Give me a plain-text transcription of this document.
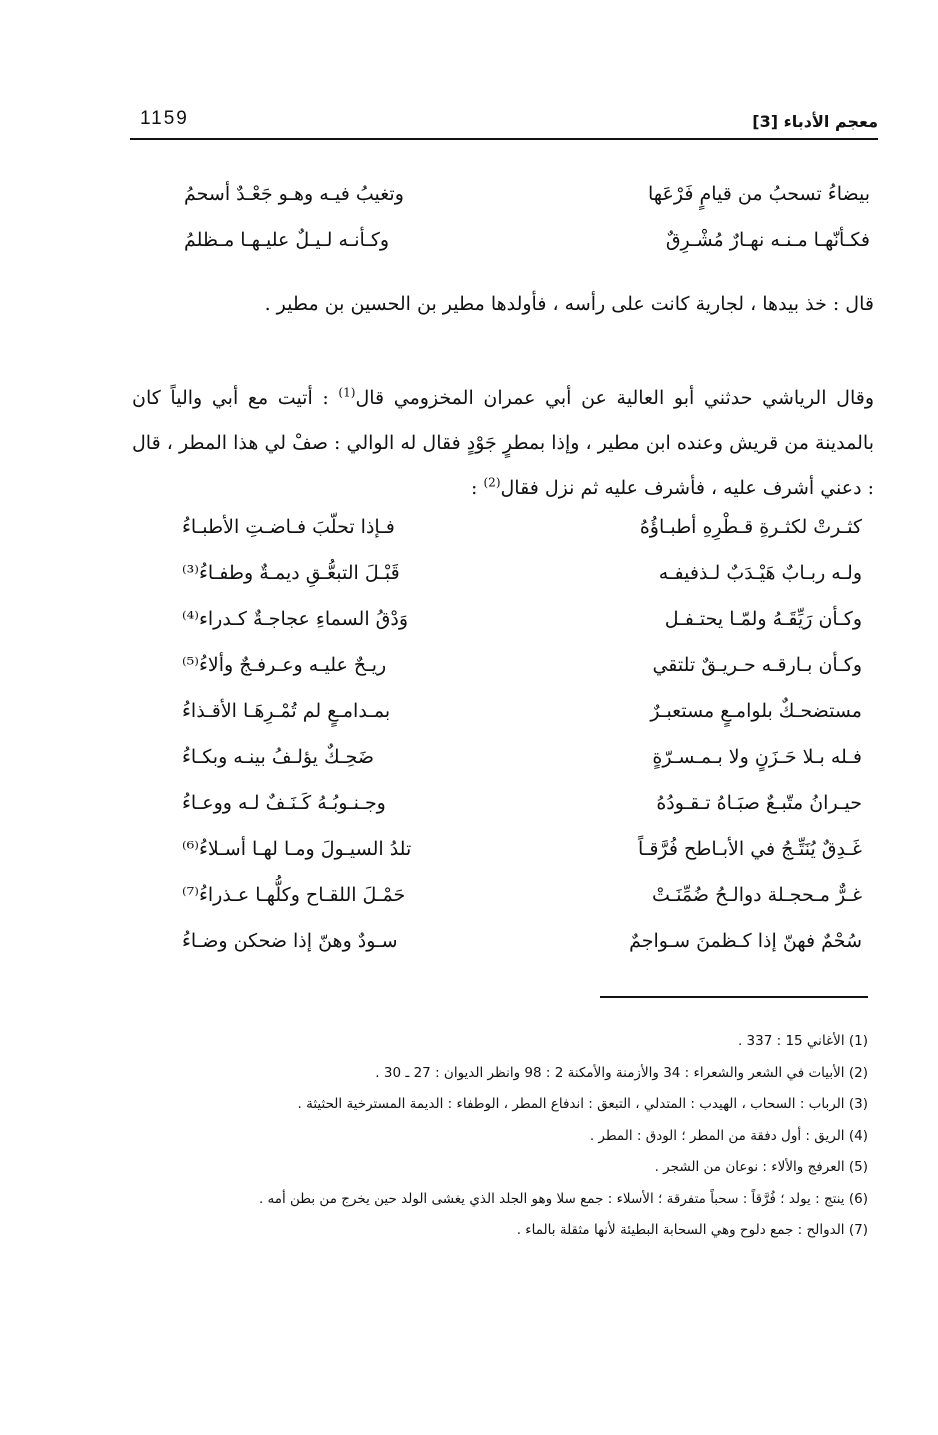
1159	معجم الأدباء [3]
بيضاءُ تسحبُ من قيامٍ فَرْعَها
وتغيبُ فيـه وهـو جَعْـدٌ أسحمُ
فكـأنّهـا مـنـه نهـارٌ مُشْـرِقٌ
وكـأنـه لـيـلٌ عليـهـا مـظلمُ
قال : خذ بيدها ، لجارية كانت على رأسه ، فأولدها مطير بن الحسين بن مطير .
وقال الرياشي حدثني أبو العالية عن أبي عمران المخزومي قال$^{(1)}$ : أتيت مع أبي والياً كان بالمدينة من قريش وعنده ابن مطير ، وإذا بمطرٍ جَوْدٍ فقال له الوالي : صفْ لي هذا المطر ، قال : دعني أشرف عليه ، فأشرف عليه ثم نزل فقال$^{(2)}$ :
كثـرتْ لكثـرةِ قـطْرِهِ أطبـاؤُهُ
فـإذا تحلّبَ فـاضـتِ الأطبـاءُ
ولـه ربـابٌ هَيْـدَبٌ لـذفيفـه
قَبْـلَ التبعُّـقِ ديمـةٌ وطفـاءُ⁽³⁾
وكـأن رَيِّقَـهُ ولمّـا يحتـفـل
وَدْقُ السماءِ عجاجـةٌ كـدراء⁽⁴⁾
وكـأن بـارقـه حـريـقٌ تلتقي
ريـحٌ عليـه وعـرفـجٌ وألاءُ⁽⁵⁾
مستضحـكٌ بلوامـعٍ مستعبـرٌ
بمـدامـعٍ لم تُمْـرِهَـا الأقـذاءُ
فـله بـلا حَـزَنٍ ولا بـمـسـرّةٍ
ضَحِـكٌ يؤلـفُ بينـه وبكـاءُ
حيـرانُ متّبـعٌ صبَـاهُ تـقـودُهُ
وجـنـوبُـهُ كَـنَـفٌ لـه ووعـاءُ
غَـدِقٌ يُنَتِّـجُ في الأبـاطح فُرَّقـاً
تلدُ السيـولَ ومـا لهـا أسـلاءُ⁽⁶⁾
غـرٌّ مـحجـلة دوالـحُ ضُمِّنَـتْ
حَمْـلَ اللقـاح وكلُّهـا عـذراءُ⁽⁷⁾
سُحْمٌ فهنّ إذا كـظمنَ سـواجمٌ
سـودٌ وهنّ إذا ضحكن وضـاءُ

(1) الأغاني 15 : 337 .

(2) الأبيات في الشعر والشعراء : 34 والأزمنة والأمكنة 2 : 98 وانظر الديوان : 27 ـ 30 .

(3) الرباب : السحاب ، الهيدب : المتدلي ، التبعق : اندفاع المطر ، الوطفاء : الديمة المسترخية الحثيثة .

(4) الريق : أول دفقة من المطر ؛ الودق : المطر .

(5) العرفج والألاء : نوعان من الشجر .

(6) ينتج : يولد ؛ فُرَّقاً : سحباً متفرقة ؛ الأسلاء : جمع سلا وهو الجلد الذي يغشى الولد حين يخرج من بطن أمه .

(7) الدوالح : جمع دلوح وهي السحابة البطيئة لأنها مثقلة بالماء .
